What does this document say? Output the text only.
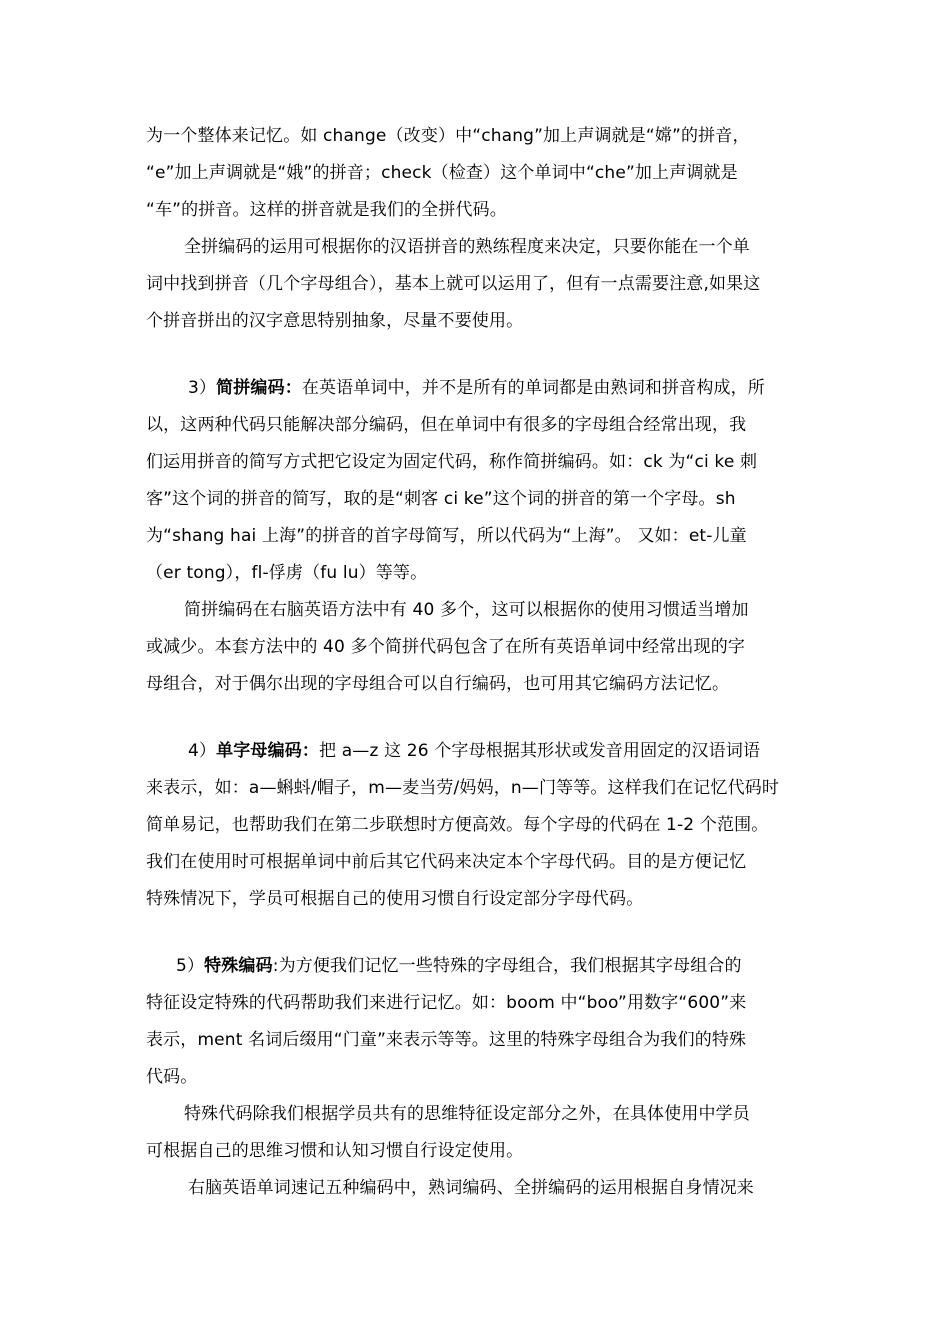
为一个整体来记忆。如 change（改变）中“chang”加上声调就是“嫦”的拼音，
“e”加上声调就是“娥”的拼音；check（检查）这个单词中“che”加上声调就是
“车”的拼音。这样的拼音就是我们的全拼代码。
全拼编码的运用可根据你的汉语拼音的熟练程度来决定，只要你能在一个单
词中找到拼音（几个字母组合），基本上就可以运用了，但有一点需要注意,如果这
个拼音拼出的汉字意思特别抽象，尽量不要使用。
3）简拼编码：在英语单词中，并不是所有的单词都是由熟词和拼音构成，所
以，这两种代码只能解决部分编码，但在单词中有很多的字母组合经常出现，我
们运用拼音的简写方式把它设定为固定代码，称作简拼编码。如：ck 为“ci ke 刺
客”这个词的拼音的简写，取的是“刺客 ci ke”这个词的拼音的第一个字母。sh
为“shang hai 上海”的拼音的首字母简写，所以代码为“上海”。 又如：et-儿童
（er tong），fl-俘虏（fu lu）等等。
简拼编码在右脑英语方法中有 40 多个，这可以根据你的使用习惯适当增加
或减少。本套方法中的 40 多个简拼代码包含了在所有英语单词中经常出现的字
母组合，对于偶尔出现的字母组合可以自行编码，也可用其它编码方法记忆。
4）单字母编码：把 a—z 这 26 个字母根据其形状或发音用固定的汉语词语
来表示，如：a—蝌蚪/帽子，m—麦当劳/妈妈，n—门等等。这样我们在记忆代码时
简单易记，也帮助我们在第二步联想时方便高效。每个字母的代码在 1-2 个范围。
我们在使用时可根据单词中前后其它代码来决定本个字母代码。目的是方便记忆
特殊情况下，学员可根据自己的使用习惯自行设定部分字母代码。
5）特殊编码:为方便我们记忆一些特殊的字母组合，我们根据其字母组合的
特征设定特殊的代码帮助我们来进行记忆。如：boom 中“boo”用数字“600”来
表示，ment 名词后缀用“门童”来表示等等。这里的特殊字母组合为我们的特殊
代码。
特殊代码除我们根据学员共有的思维特征设定部分之外，在具体使用中学员
可根据自己的思维习惯和认知习惯自行设定使用。
右脑英语单词速记五种编码中，熟词编码、全拼编码的运用根据自身情况来
